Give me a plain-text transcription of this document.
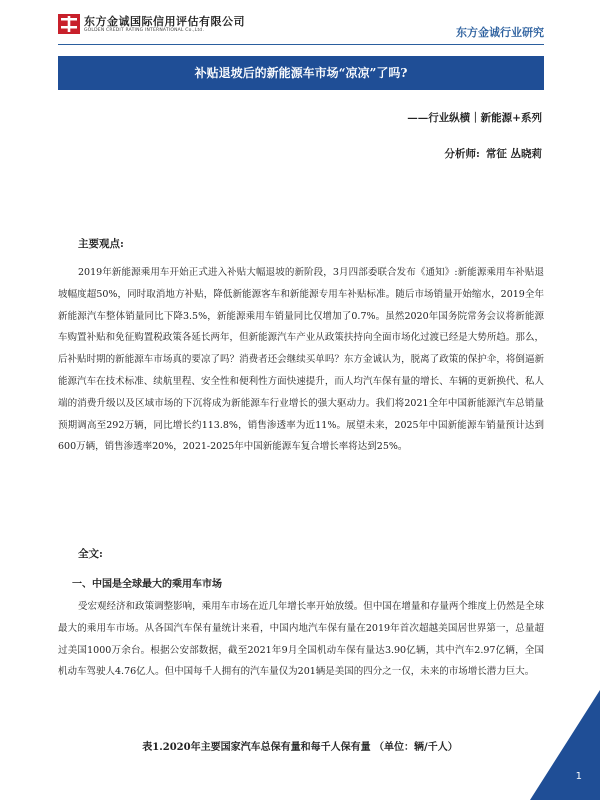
东方金诚国际信用评估有限公司
GOLDEN CREDIT RATING INTERNATIONAL Co.,Ltd.	东方金诚行业研究
补贴退坡后的新能源车市场“凉凉”了吗?
——行业纵横｜新能源+系列
分析师: 常征 丛晓莉
主要观点:

2019年新能源乘用车开始正式进入补贴大幅退坡的新阶段，3月四部委联合发布《通知》:新能源乘用车补贴退坡幅度超50%，同时取消地方补贴，降低新能源客车和新能源专用车补贴标准。随后市场销量开始缩水，2019全年新能源汽车整体销量同比下降3.5%，新能源乘用车销量同比仅增加了0.7%。虽然2020年国务院常务会议将新能源车购置补贴和免征购置税政策各延长两年，但新能源汽车产业从政策扶持向全面市场化过渡已经是大势所趋。那么，后补贴时期的新能源车市场真的要凉了吗？消费者还会继续买单吗？东方金诚认为，脱离了政策的保护伞，将倒逼新能源汽车在技术标准、续航里程、安全性和便利性方面快速提升，而人均汽车保有量的增长、车辆的更新换代、私人端的消费升级以及区域市场的下沉将成为新能源车行业增长的强大驱动力。我们将2021全年中国新能源汽车总销量预期调高至292万辆，同比增长约113.8%，销售渗透率为近11%。展望未来，2025年中国新能源车销量预计达到600万辆，销售渗透率20%，2021-2025年中国新能源车复合增长率将达到25%。

全文:
一、中国是全球最大的乘用车市场

受宏观经济和政策调整影响，乘用车市场在近几年增长率开始放缓。但中国在增量和存量两个维度上仍然是全球最大的乘用车市场。从各国汽车保有量统计来看，中国内地汽车保有量在2019年首次超越美国居世界第一，总量超过美国1000万余台。根据公安部数据，截至2021年9月全国机动车保有量达3.90亿辆，其中汽车2.97亿辆，全国机动车驾驶人4.76亿人。但中国每千人拥有的汽车量仅为201辆是美国的四分之一仅，未来的市场增长潜力巨大。

表1.2020年主要国家汽车总保有量和每千人保有量 （单位：辆/千人）
1
